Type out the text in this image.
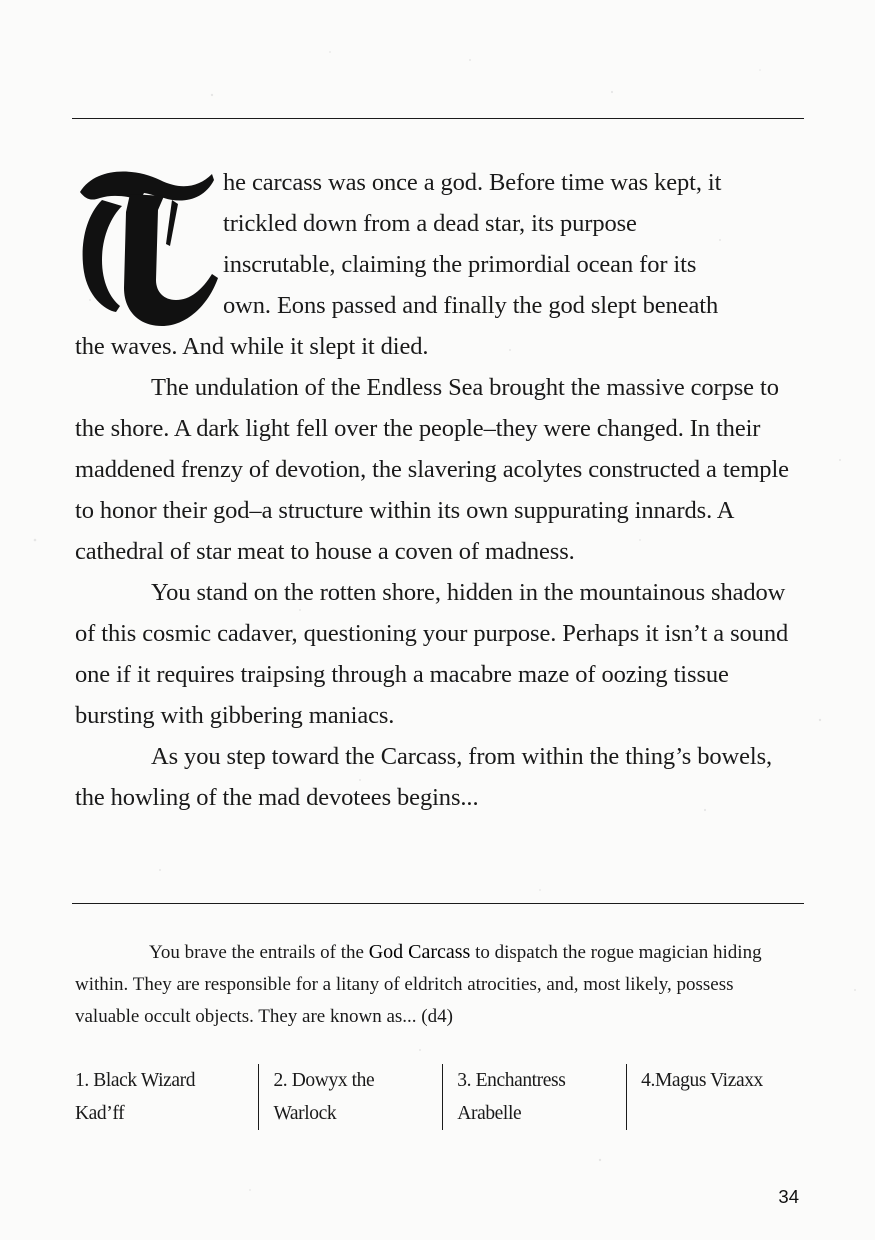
he carcass was once a god. Before time was kept, it
trickled down from a dead star, its purpose
inscrutable, claiming the primordial ocean for its
own. Eons passed and finally the god slept beneath
the waves. And while it slept it died.

The undulation of the Endless Sea brought the massive corpse to the shore. A dark light fell over the people–they were changed. In their maddened frenzy of devotion, the slavering acolytes constructed a temple to honor their god–a structure within its own suppurating innards. A cathedral of star meat to house a coven of madness.

You stand on the rotten shore, hidden in the mountainous shadow of this cosmic cadaver, questioning your purpose. Perhaps it isn’t a sound one if it requires traipsing through a macabre maze of oozing tissue bursting with gibbering maniacs.

As you step toward the Carcass, from within the thing’s bowels, the howling of the mad devotees begins...

You brave the entrails of the God Carcass to dispatch the rogue magician hiding within. They are responsible for a litany of eldritch atrocities, and, most likely, possess valuable occult objects. They are known as... (d4)

1. Black Wizard
Kad’ff
2. Dowyx the
Warlock
3. Enchantress
Arabelle
4.Magus Vizaxx
34
